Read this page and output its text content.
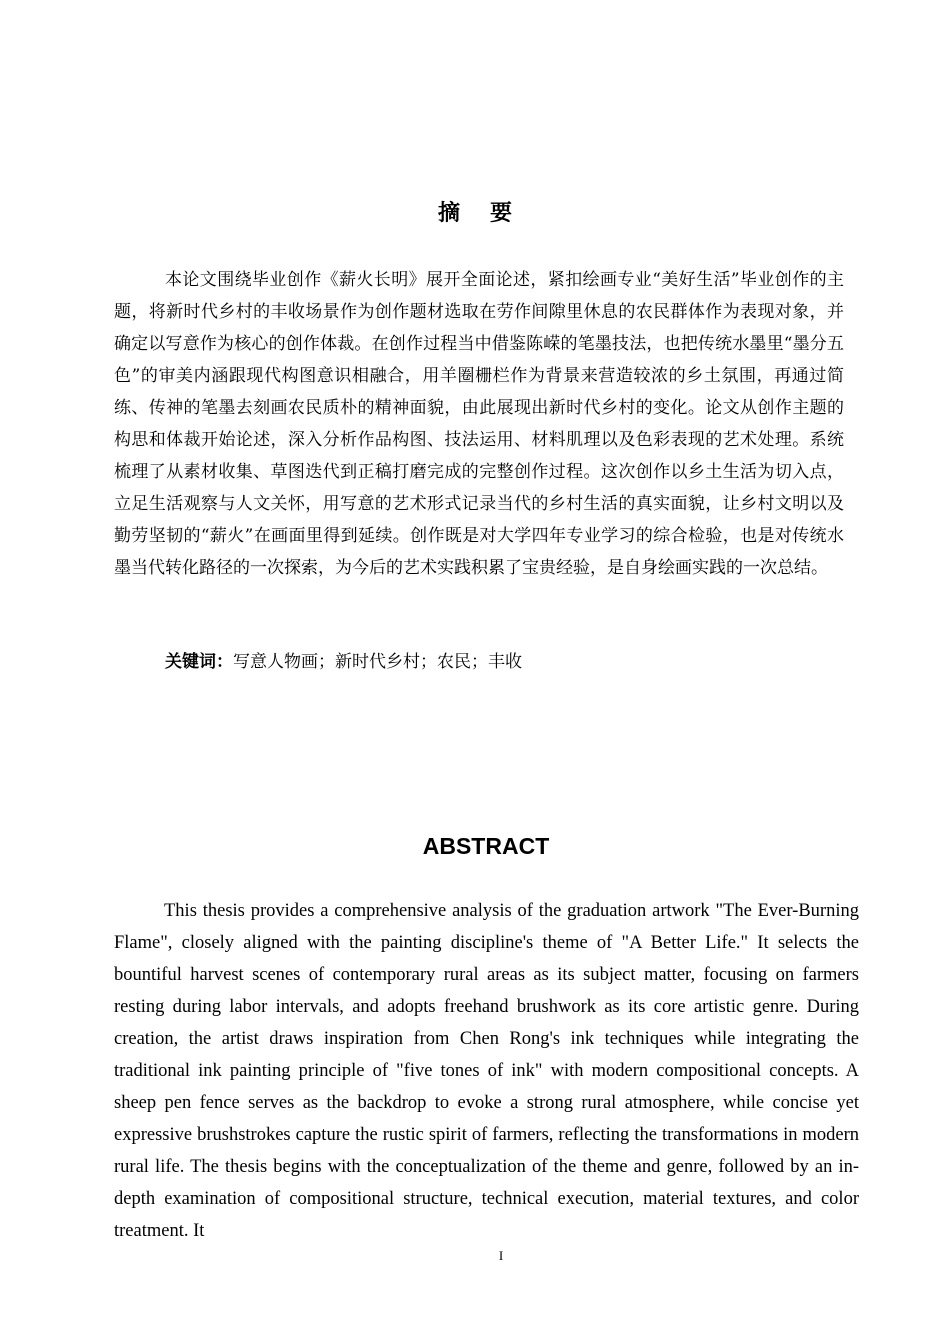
摘要

本论文围绕毕业创作《薪火长明》展开全面论述，紧扣绘画专业“美好生活”毕业创作的主题，将新时代乡村的丰收场景作为创作题材选取在劳作间隙里休息的农民群体作为表现对象，并确定以写意作为核心的创作体裁。在创作过程当中借鉴陈嵘的笔墨技法，也把传统水墨里“墨分五色”的审美内涵跟现代构图意识相融合，用羊圈栅栏作为背景来营造较浓的乡土氛围，再通过简练、传神的笔墨去刻画农民质朴的精神面貌，由此展现出新时代乡村的变化。论文从创作主题的构思和体裁开始论述，深入分析作品构图、技法运用、材料肌理以及色彩表现的艺术处理。系统梳理了从素材收集、草图迭代到正稿打磨完成的完整创作过程。这次创作以乡土生活为切入点，立足生活观察与人文关怀，用写意的艺术形式记录当代的乡村生活的真实面貌，让乡村文明以及勤劳坚韧的“薪火”在画面里得到延续。创作既是对大学四年专业学习的综合检验，也是对传统水墨当代转化路径的一次探索，为今后的艺术实践积累了宝贵经验，是自身绘画实践的一次总结。

关键词：写意人物画；新时代乡村；农民；丰收

ABSTRACT

This thesis provides a comprehensive analysis of the graduation artwork "The Ever-Burning Flame", closely aligned with the painting discipline's theme of "A Better Life." It selects the bountiful harvest scenes of contemporary rural areas as its subject matter, focusing on farmers resting during labor intervals, and adopts freehand brushwork as its core artistic genre. During creation, the artist draws inspiration from Chen Rong's ink techniques while integrating the traditional ink painting principle of "five tones of ink" with modern compositional concepts. A sheep pen fence serves as the backdrop to evoke a strong rural atmosphere, while concise yet expressive brushstrokes capture the rustic spirit of farmers, reflecting the transformations in modern rural life. The thesis begins with the conceptualization of the theme and genre, followed by an in-depth examination of compositional structure, technical execution, material textures, and color treatment. It

I
